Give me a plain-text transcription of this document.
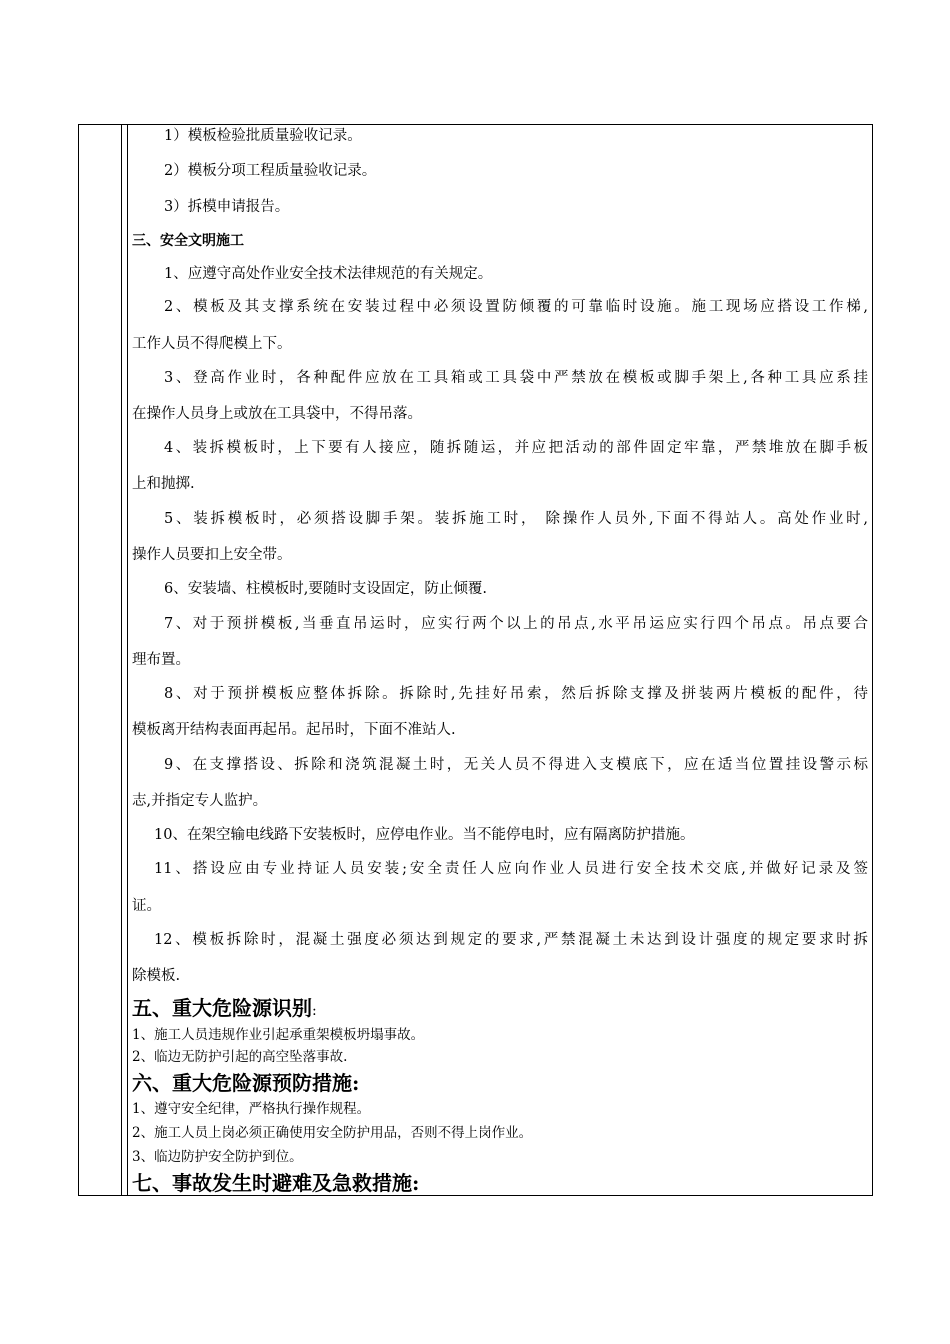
1）模板检验批质量验收记录。
2）模板分项工程质量验收记录。
3）拆模申请报告。
三、安全文明施工
1、应遵守高处作业安全技术法律规范的有关规定。
2、模板及其支撑系统在安装过程中必须设置防倾覆的可靠临时设施。施工现场应搭设工作梯,
工作人员不得爬模上下。
3、登高作业时，各种配件应放在工具箱或工具袋中严禁放在模板或脚手架上,各种工具应系挂
在操作人员身上或放在工具袋中，不得吊落。
4、装拆模板时，上下要有人接应，随拆随运，并应把活动的部件固定牢靠，严禁堆放在脚手板
上和抛掷.
5、装拆模板时，必须搭设脚手架。装拆施工时， 除操作人员外,下面不得站人。高处作业时,
操作人员要扣上安全带。
6、安装墙、柱模板时,要随时支设固定，防止倾覆.
7、对于预拼模板,当垂直吊运时，应实行两个以上的吊点,水平吊运应实行四个吊点。吊点要合
理布置。
8、对于预拼模板应整体拆除。拆除时,先挂好吊索，然后拆除支撑及拼装两片模板的配件，待
模板离开结构表面再起吊。起吊时，下面不准站人.
9、在支撑搭设、拆除和浇筑混凝土时，无关人员不得进入支模底下，应在适当位置挂设警示标
志,并指定专人监护。
10、在架空输电线路下安装板时，应停电作业。当不能停电时，应有隔离防护措施。
11、搭设应由专业持证人员安装;安全责任人应向作业人员进行安全技术交底,并做好记录及签
证。
12、模板拆除时，混凝土强度必须达到规定的要求,严禁混凝土未达到设计强度的规定要求时拆
除模板.
五、重大危险源识别:
1、施工人员违规作业引起承重架模板坍塌事故。
2、临边无防护引起的高空坠落事故.
六、重大危险源预防措施:
1、遵守安全纪律，严格执行操作规程。
2、施工人员上岗必须正确使用安全防护用品，否则不得上岗作业。
3、临边防护安全防护到位。
七、事故发生时避难及急救措施:
